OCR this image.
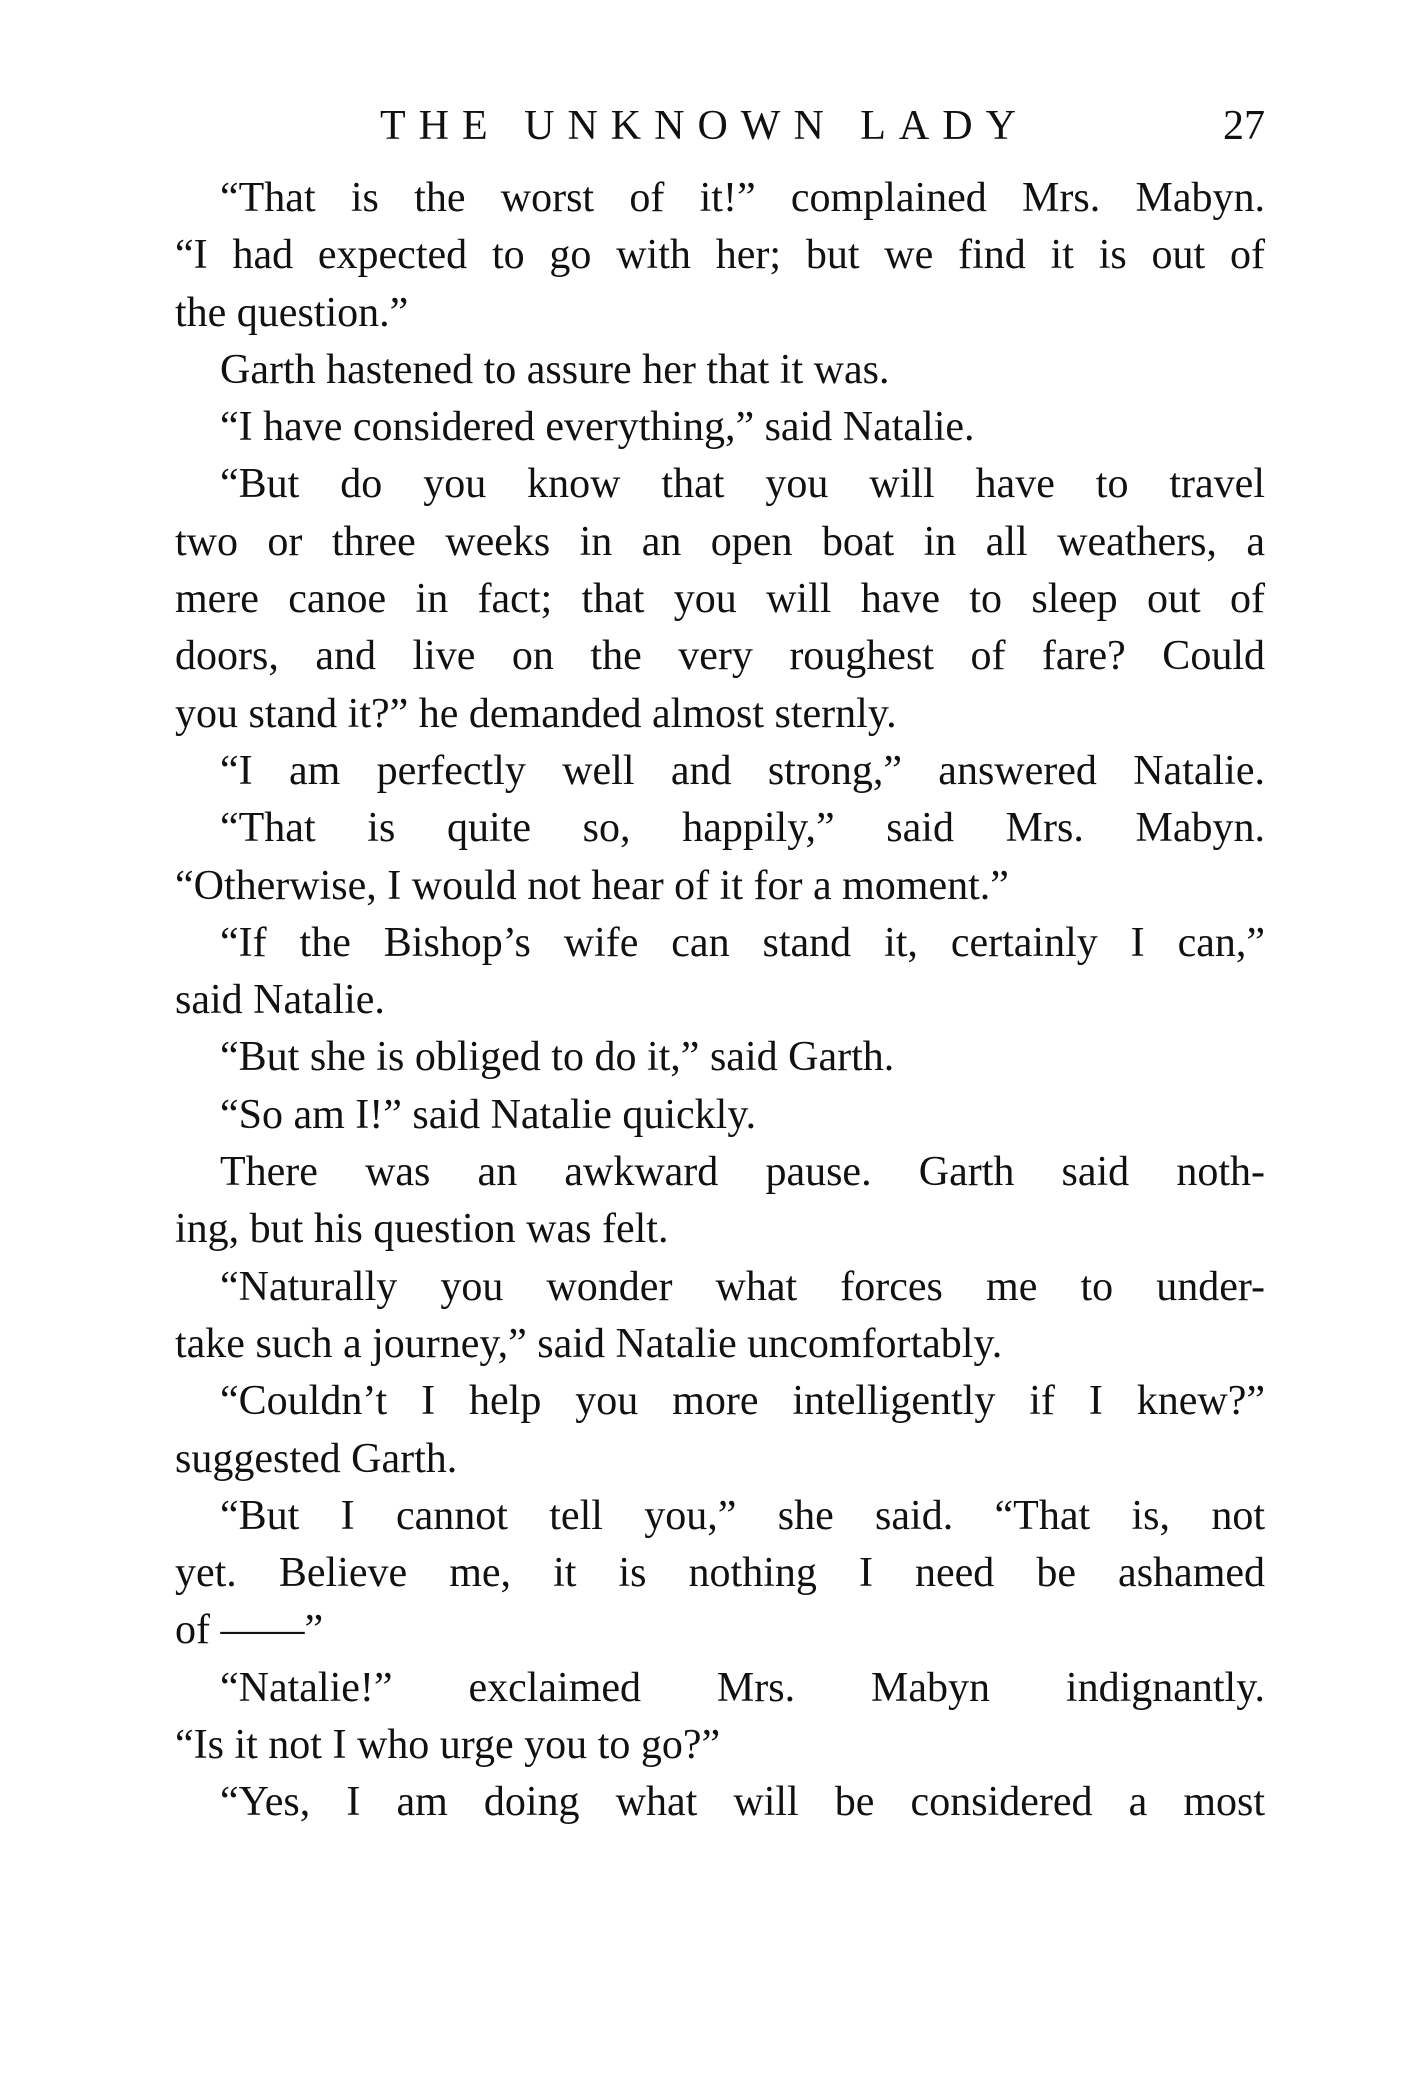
THE UNKNOWN LADY	27
“That is the worst of it!” complained Mrs. Mabyn.
“I had expected to go with her; but we find it is out of
the question.”
Garth hastened to assure her that it was.
“I have considered everything,” said Natalie.
“But do you know that you will have to travel
two or three weeks in an open boat in all weathers, a
mere canoe in fact; that you will have to sleep out of
doors, and live on the very roughest of fare? Could
you stand it?” he demanded almost sternly.
“I am perfectly well and strong,” answered Natalie.
“That is quite so, happily,” said Mrs. Mabyn.
“Otherwise, I would not hear of it for a moment.”
“If the Bishop’s wife can stand it, certainly I can,”
said Natalie.
“But she is obliged to do it,” said Garth.
“So am I!” said Natalie quickly.
There was an awkward pause. Garth said noth-
ing, but his question was felt.
“Naturally you wonder what forces me to under-
take such a journey,” said Natalie uncomfortably.
“Couldn’t I help you more intelligently if I knew?”
suggested Garth.
“But I cannot tell you,” she said. “That is, not
yet. Believe me, it is nothing I need be ashamed
of ——”
“Natalie!” exclaimed Mrs. Mabyn indignantly.
“Is it not I who urge you to go?”
“Yes, I am doing what will be considered a most
